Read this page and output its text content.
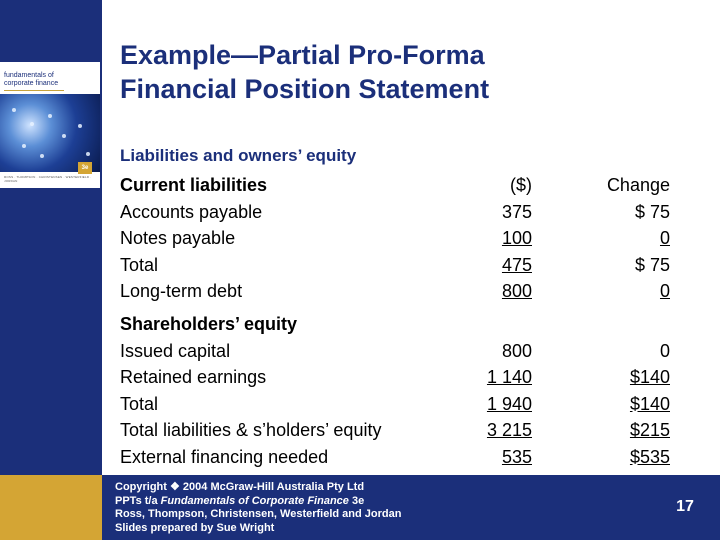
fundamentals of
corporate finance
ROSS · THOMPSON · CHRISTENSEN · WESTERFIELD · JORDAN
3e
Example—Partial Pro-Forma
Financial Position Statement
Liabilities and owners’ equity
Current liabilities	($)	Change
Accounts payable	375	$ 75
Notes payable	100	0
Total	475	$ 75
Long-term debt	800	0
Shareholders’ equity
Issued capital	800	0
Retained earnings	1 140	$140
Total	1 940	$140
Total liabilities & s’holders’ equity	3 215	$215
External financing needed	535	$535
Copyright ❖ 2004 McGraw-Hill Australia Pty Ltd
PPTs t/a Fundamentals of Corporate Finance 3e
Ross, Thompson, Christensen, Westerfield and Jordan
Slides prepared by Sue Wright
17
